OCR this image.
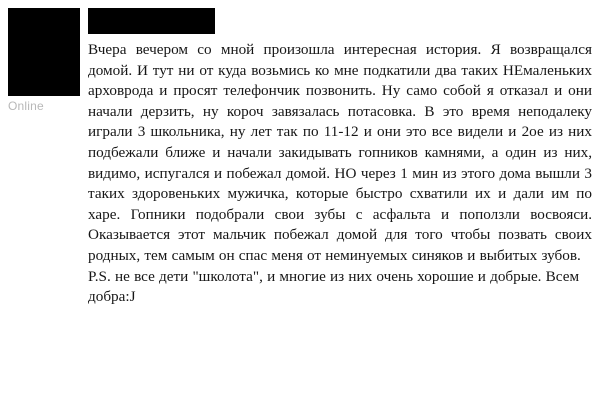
Online
Вчера вечером со мной произошла интересная история. Я возвращался домой. И тут ни от куда возьмись ко мне подкатили два таких НЕмаленьких арховрода и просят телефончик позвонить. Ну само собой я отказал и они начали дерзить, ну короч завязалась потасовка. В это время неподалеку играли 3 школьника, ну лет так по 11-12 и они это все видели и 2ое из них подбежали ближе и начали закидывать гопников камнями, а один из них, видимо, испугался и побежал домой. НО через 1 мин из этого дома вышли 3 таких здоровеньких мужичка, которые быстро схватили их и дали им по харе. Гопники подобрали свои зубы с асфальта и поползли восвояси. Оказывается этот мальчик побежал домой для того чтобы позвать своих родных, тем самым он спас меня от неминуемых синяков и выбитых зубов.
P.S. не все дети "школота", и многие из них очень хорошие и добрые. Всем добра:J
